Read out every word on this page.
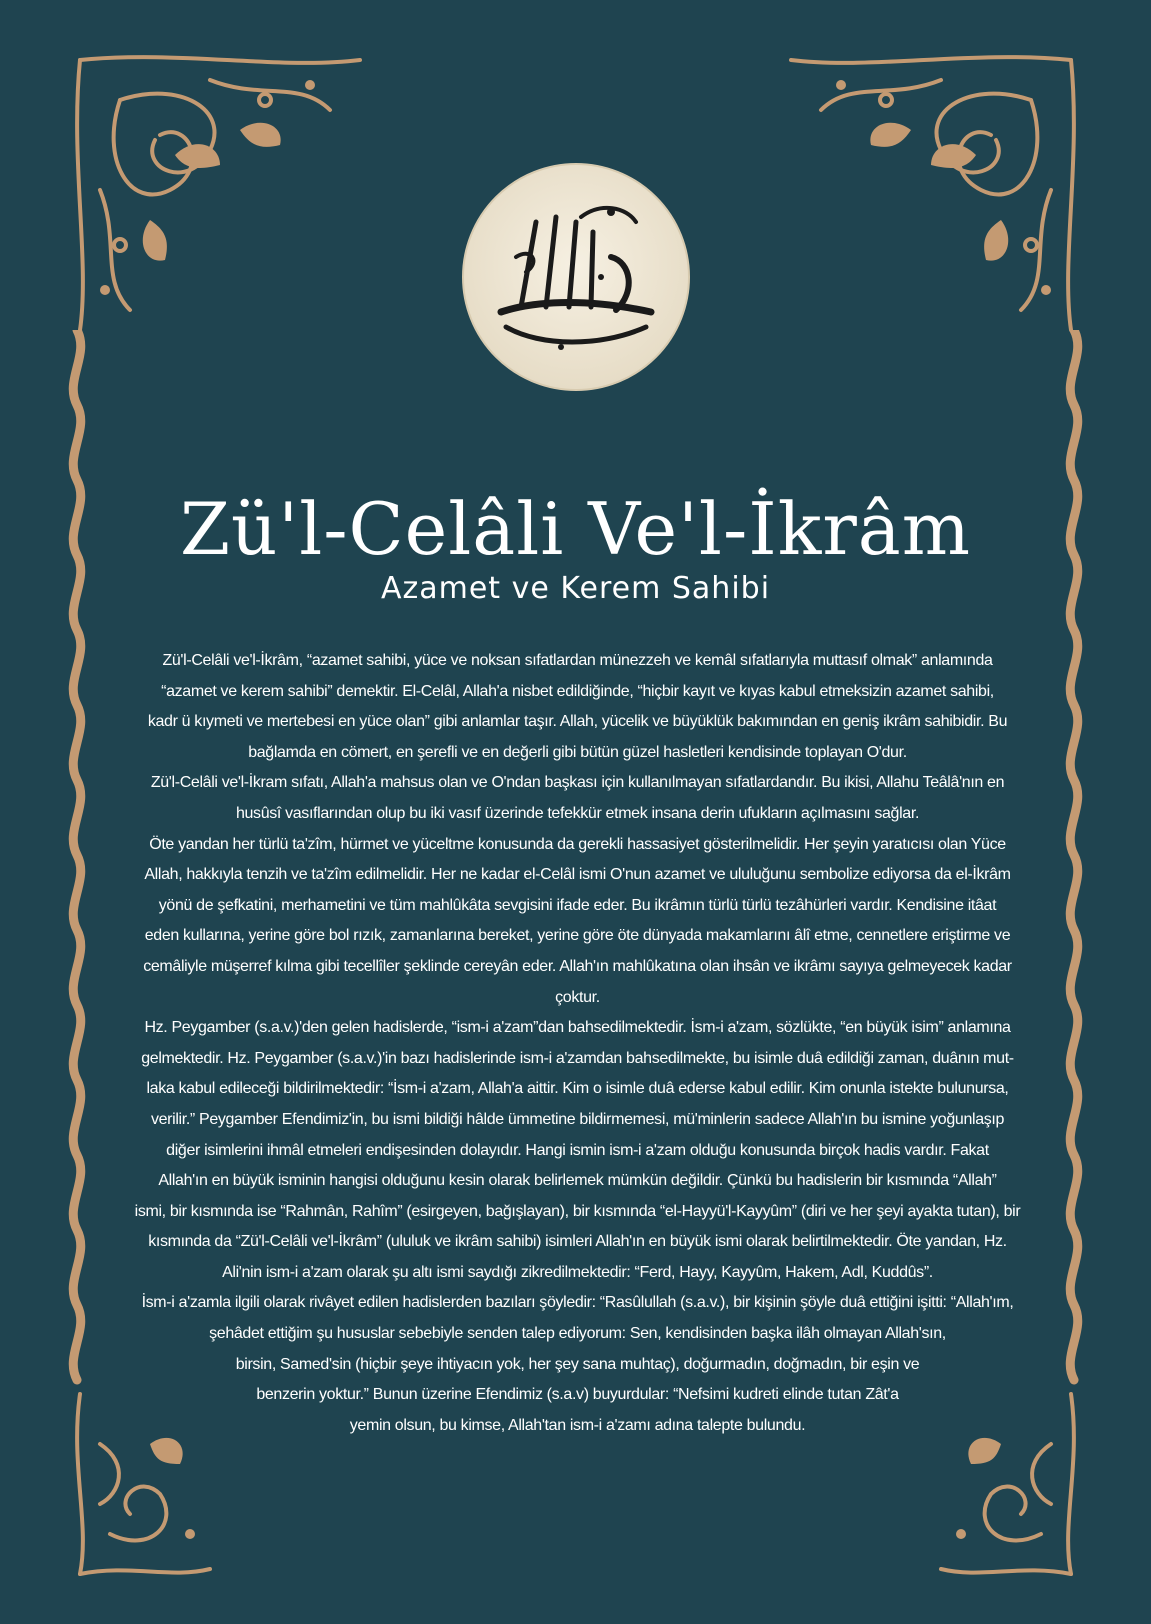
Zü'l-Celâli Ve'l-İkrâm
Azamet ve Kerem Sahibi
Zü'l-Celâli ve'l-İkrâm, “azamet sahibi, yüce ve noksan sıfatlardan münezzeh ve kemâl sıfatlarıyla muttasıf olmak” anlamında
“azamet ve kerem sahibi” demektir. El-Celâl, Allah'a nisbet edildiğinde, “hiçbir kayıt ve kıyas kabul etmeksizin azamet sahibi,
kadr ü kıymeti ve mertebesi en yüce olan” gibi anlamlar taşır. Allah, yücelik ve büyüklük bakımından en geniş ikrâm sahibidir. Bu
bağlamda en cömert, en şerefli ve en değerli gibi bütün güzel hasletleri kendisinde toplayan O'dur.
Zü'l-Celâli ve'l-İkram sıfatı, Allah'a mahsus olan ve O'ndan başkası için kullanılmayan sıfatlardandır. Bu ikisi, Allahu Teâlâ'nın en
husûsî vasıflarından olup bu iki vasıf üzerinde tefekkür etmek insana derin ufukların açılmasını sağlar.
Öte yandan her türlü ta'zîm, hürmet ve yüceltme konusunda da gerekli hassasiyet gösterilmelidir. Her şeyin yaratıcısı olan Yüce
Allah, hakkıyla tenzih ve ta'zîm edilmelidir. Her ne kadar el-Celâl ismi O'nun azamet ve ululuğunu sembolize ediyorsa da el-İkrâm
yönü de şefkatini, merhametini ve tüm mahlûkâta sevgisini ifade eder. Bu ikrâmın türlü türlü tezâhürleri vardır. Kendisine itâat
eden kullarına, yerine göre bol rızık, zamanlarına bereket, yerine göre öte dünyada makamlarını âlî etme, cennetlere eriştirme ve
cemâliyle müşerref kılma gibi tecellîler şeklinde cereyân eder. Allah'ın mahlûkatına olan ihsân ve ikrâmı sayıya gelmeyecek kadar
çoktur.
Hz. Peygamber (s.a.v.)'den gelen hadislerde, “ism-i a'zam”dan bahsedilmektedir. İsm-i a'zam, sözlükte, “en büyük isim” anlamına
gelmektedir. Hz. Peygamber (s.a.v.)'in bazı hadislerinde ism-i a'zamdan bahsedilmekte, bu isimle duâ edildiği zaman, duânın mut-
laka kabul edileceği bildirilmektedir: “İsm-i a'zam, Allah'a aittir. Kim o isimle duâ ederse kabul edilir. Kim onunla istekte bulunursa,
verilir.” Peygamber Efendimiz'in, bu ismi bildiği hâlde ümmetine bildirmemesi, mü'minlerin sadece Allah'ın bu ismine yoğunlaşıp
diğer isimlerini ihmâl etmeleri endişesinden dolayıdır. Hangi ismin ism-i a'zam olduğu konusunda birçok hadis vardır. Fakat
Allah'ın en büyük isminin hangisi olduğunu kesin olarak belirlemek mümkün değildir. Çünkü bu hadislerin bir kısmında “Allah”
ismi, bir kısmında ise “Rahmân, Rahîm” (esirgeyen, bağışlayan), bir kısmında “el-Hayyü'l-Kayyûm” (diri ve her şeyi ayakta tutan), bir
kısmında da “Zü'l-Celâli ve'l-İkrâm” (ululuk ve ikrâm sahibi) isimleri Allah'ın en büyük ismi olarak belirtilmektedir. Öte yandan, Hz.
Ali'nin ism-i a'zam olarak şu altı ismi saydığı zikredilmektedir: “Ferd, Hayy, Kayyûm, Hakem, Adl, Kuddûs”.
İsm-i a'zamla ilgili olarak rivâyet edilen hadislerden bazıları şöyledir: “Rasûlullah (s.a.v.), bir kişinin şöyle duâ ettiğini işitti: “Allah'ım,
şehâdet ettiğim şu hususlar sebebiyle senden talep ediyorum: Sen, kendisinden başka ilâh olmayan Allah'sın,
birsin, Samed'sin (hiçbir şeye ihtiyacın yok, her şey sana muhtaç), doğurmadın, doğmadın, bir eşin ve
benzerin yoktur.” Bunun üzerine Efendimiz (s.a.v) buyurdular: “Nefsimi kudreti elinde tutan Zât'a
yemin olsun, bu kimse, Allah'tan ism-i a'zamı adına talepte bulundu.
